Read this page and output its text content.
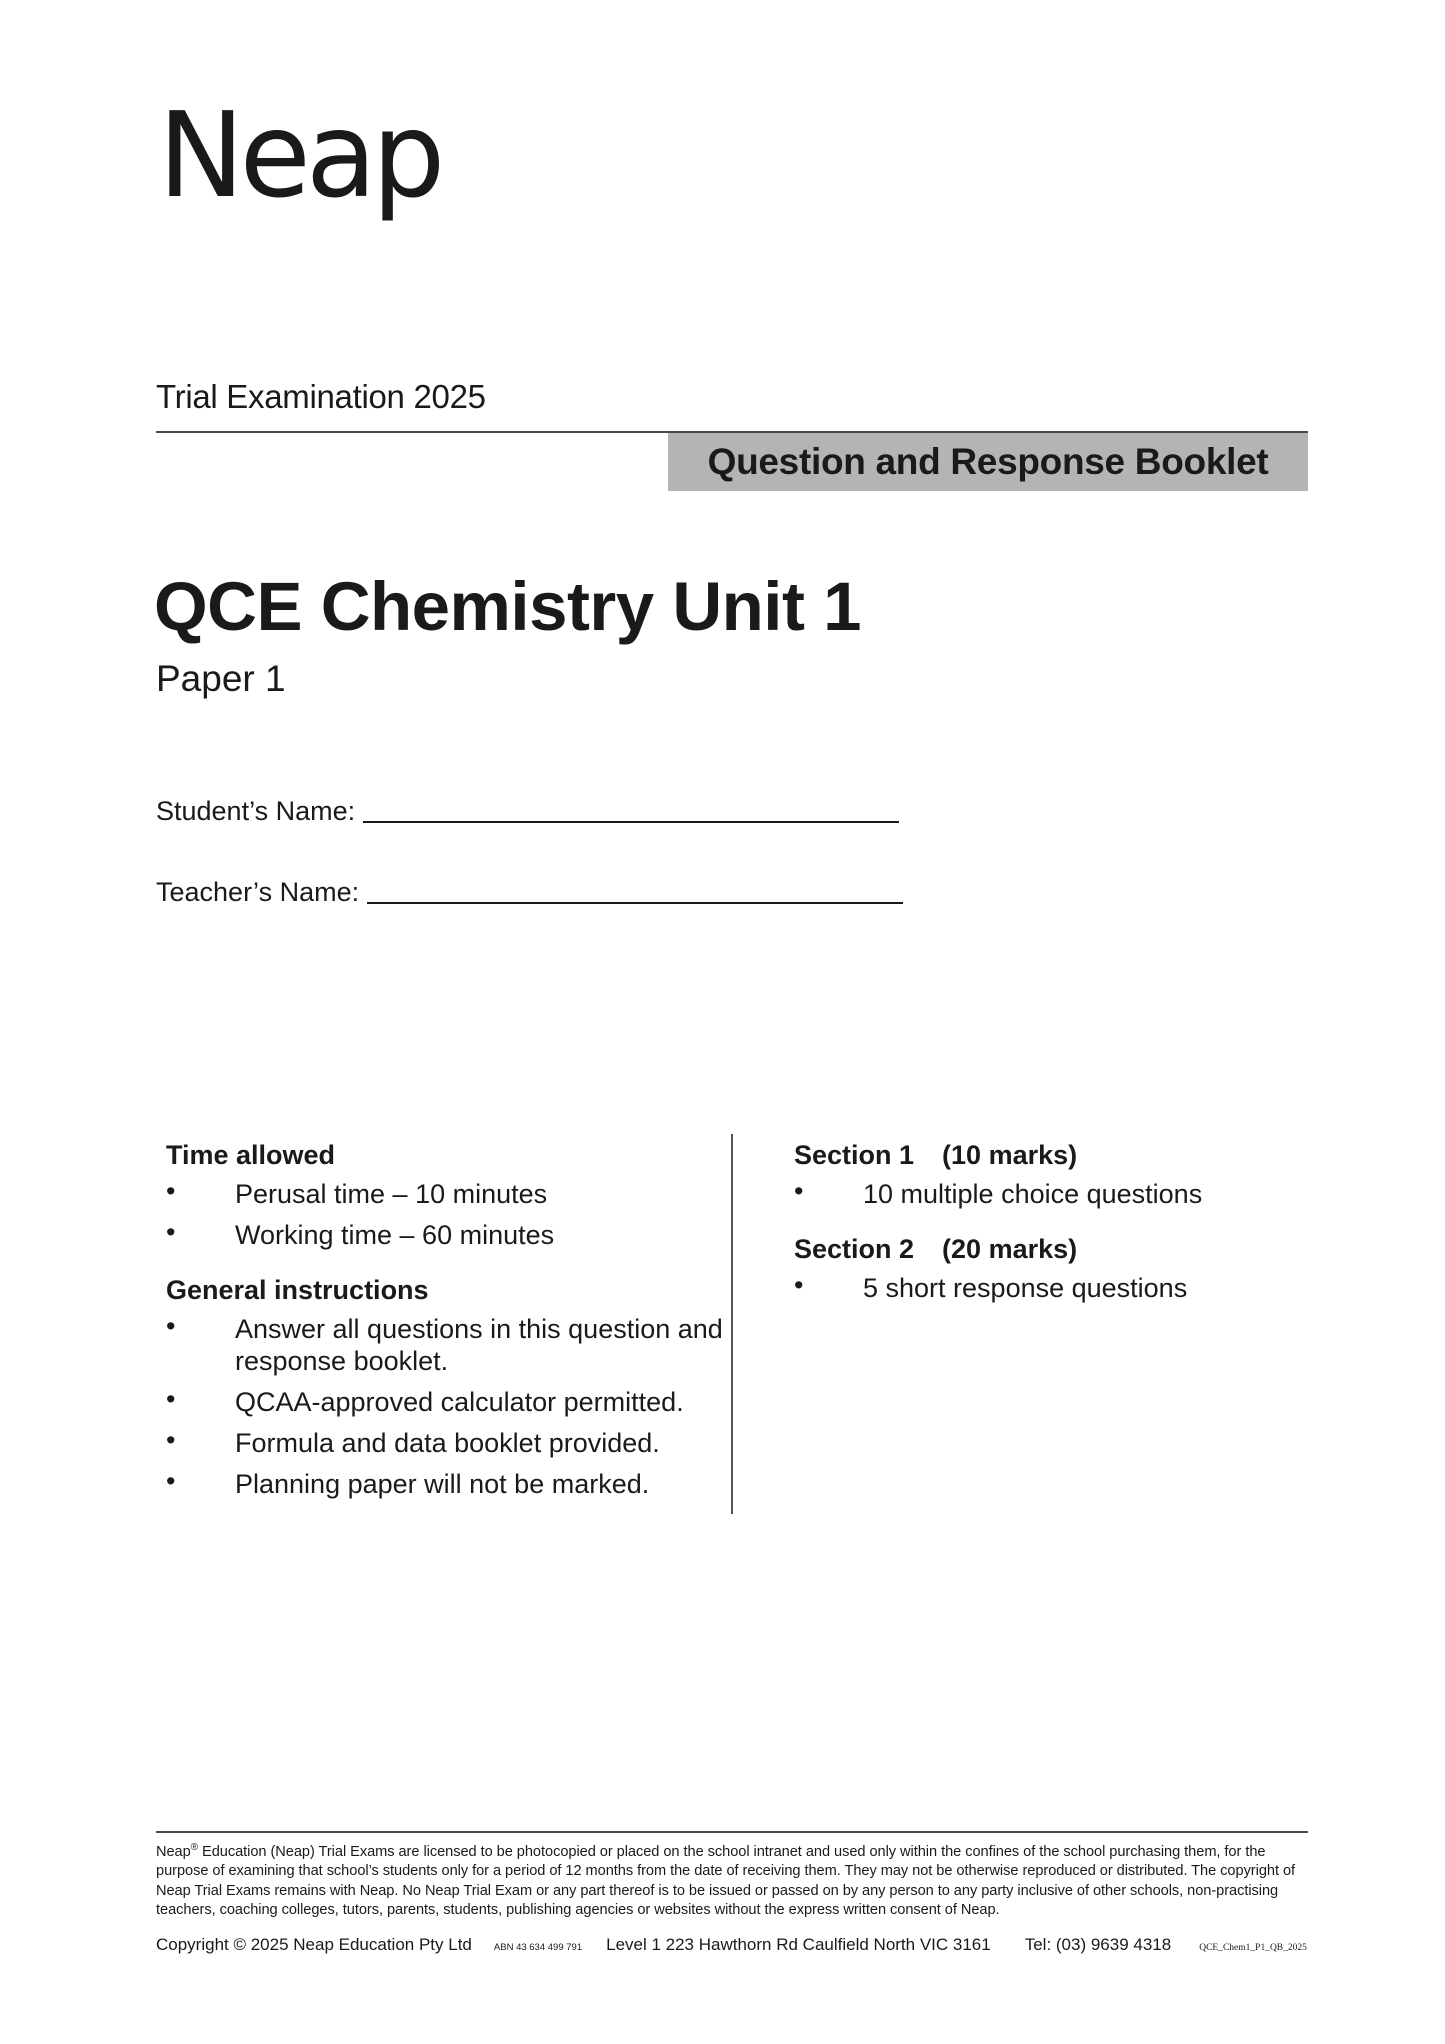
Neap
Trial Examination 2025
Question and Response Booklet
QCE Chemistry Unit 1
Paper 1
Student’s Name:
Teacher’s Name:
Time allowed
•	Perusal time – 10 minutes
•	Working time – 60 minutes
General instructions
•	Answer all questions in this question and response booklet.
•	QCAA-approved calculator permitted.
•	Formula and data booklet provided.
•	Planning paper will not be marked.
Section 1 (10 marks)
•	10 multiple choice questions
Section 2 (20 marks)
•	5 short response questions
Neap® Education (Neap) Trial Exams are licensed to be photocopied or placed on the school intranet and used only within the confines of the school purchasing them, for the purpose of examining that school’s students only for a period of 12 months from the date of receiving them. They may not be otherwise reproduced or distributed. The copyright of Neap Trial Exams remains with Neap. No Neap Trial Exam or any part thereof is to be issued or passed on by any person to any party inclusive of other schools, non-practising teachers, coaching colleges, tutors, parents, students, publishing agencies or websites without the express written consent of Neap.
Copyright © 2025 Neap Education Pty Ltd ABN 43 634 499 791 Level 1 223 Hawthorn Rd Caulfield North VIC 3161 Tel: (03) 9639 4318	QCE_Chem1_P1_QB_2025
